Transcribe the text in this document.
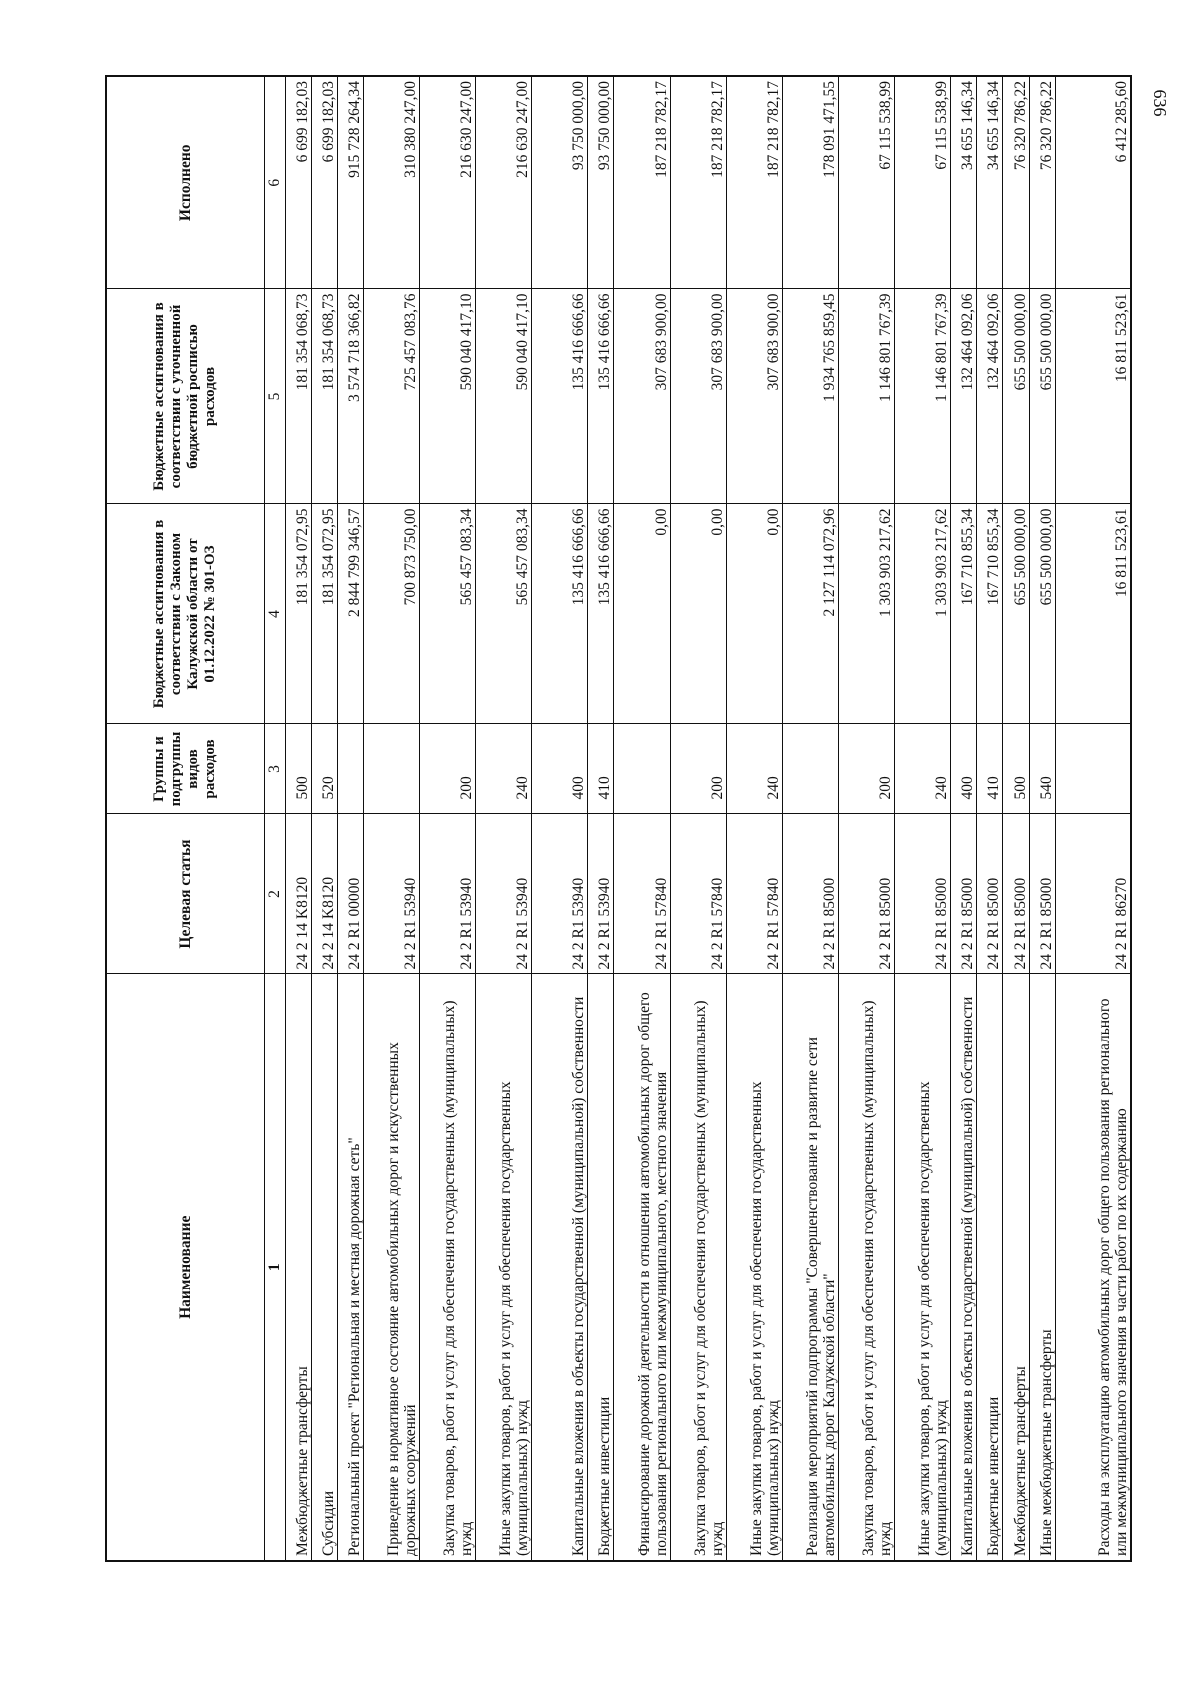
636
Наименование	Целевая статья	Группы и подгруппы видов расходов	Бюджетные ассигнования в соответствии с Законом Калужской области от 01.12.2022 № 301-ОЗ	Бюджетные ассигнования в соответствии с уточненной бюджетной росписью расходов	Исполнено
1	2	3	4	5	6
Межбюджетные трансферты	24 2 14 K8120	500	181 354 072,95	181 354 068,73	6 699 182,03
Субсидии	24 2 14 K8120	520	181 354 072,95	181 354 068,73	6 699 182,03
Региональный проект "Региональная и местная дорожная сеть"	24 2 R1 00000		2 844 799 346,57	3 574 718 366,82	915 728 264,34
Приведение в нормативное состояние автомобильных дорог и искусственных дорожных сооружений	24 2 R1 53940		700 873 750,00	725 457 083,76	310 380 247,00
Закупка товаров, работ и услуг для обеспечения государственных (муниципальных) нужд	24 2 R1 53940	200	565 457 083,34	590 040 417,10	216 630 247,00
Иные закупки товаров, работ и услуг для обеспечения государственных (муниципальных) нужд	24 2 R1 53940	240	565 457 083,34	590 040 417,10	216 630 247,00
Капитальные вложения в объекты государственной (муниципальной) собственности	24 2 R1 53940	400	135 416 666,66	135 416 666,66	93 750 000,00
Бюджетные инвестиции	24 2 R1 53940	410	135 416 666,66	135 416 666,66	93 750 000,00
Финансирование дорожной деятельности в отношении автомобильных дорог общего пользования регионального или межмуниципального, местного значения	24 2 R1 57840		0,00	307 683 900,00	187 218 782,17
Закупка товаров, работ и услуг для обеспечения государственных (муниципальных) нужд	24 2 R1 57840	200	0,00	307 683 900,00	187 218 782,17
Иные закупки товаров, работ и услуг для обеспечения государственных (муниципальных) нужд	24 2 R1 57840	240	0,00	307 683 900,00	187 218 782,17
Реализация мероприятий подпрограммы "Совершенствование и развитие сети автомобильных дорог Калужской области"	24 2 R1 85000		2 127 114 072,96	1 934 765 859,45	178 091 471,55
Закупка товаров, работ и услуг для обеспечения государственных (муниципальных) нужд	24 2 R1 85000	200	1 303 903 217,62	1 146 801 767,39	67 115 538,99
Иные закупки товаров, работ и услуг для обеспечения государственных (муниципальных) нужд	24 2 R1 85000	240	1 303 903 217,62	1 146 801 767,39	67 115 538,99
Капитальные вложения в объекты государственной (муниципальной) собственности	24 2 R1 85000	400	167 710 855,34	132 464 092,06	34 655 146,34
Бюджетные инвестиции	24 2 R1 85000	410	167 710 855,34	132 464 092,06	34 655 146,34
Межбюджетные трансферты	24 2 R1 85000	500	655 500 000,00	655 500 000,00	76 320 786,22
Иные межбюджетные трансферты	24 2 R1 85000	540	655 500 000,00	655 500 000,00	76 320 786,22
Расходы на эксплуатацию автомобильных дорог общего пользования регионального или межмуниципального значения в части работ по их содержанию	24 2 R1 86270		16 811 523,61	16 811 523,61	6 412 285,60
